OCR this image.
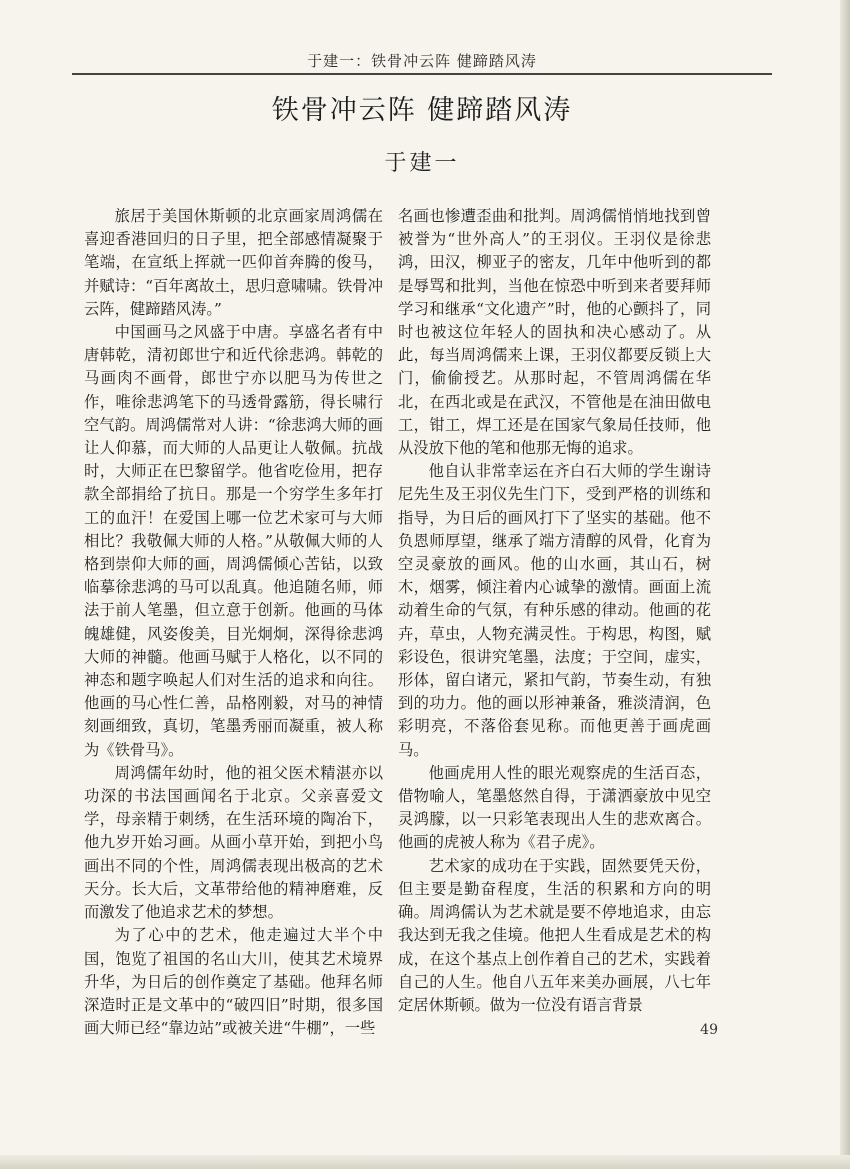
于建一：铁骨冲云阵 健蹄踏风涛
铁骨冲云阵 健蹄踏风涛
于建一

旅居于美国休斯顿的北京画家周鸿儒在喜迎香港回归的日子里，把全部感情凝聚于笔端，在宣纸上挥就一匹仰首奔腾的俊马，并赋诗：“百年离故土，思归意啸啸。铁骨冲云阵，健蹄踏风涛。”

中国画马之风盛于中唐。享盛名者有中唐韩乾，清初郎世宁和近代徐悲鸿。韩乾的马画肉不画骨，郎世宁亦以肥马为传世之作，唯徐悲鸿笔下的马透骨露筋，得长啸行空气韵。周鸿儒常对人讲：“徐悲鸿大师的画让人仰慕，而大师的人品更让人敬佩。抗战时，大师正在巴黎留学。他省吃俭用，把存款全部捐给了抗日。那是一个穷学生多年打工的血汗！在爱国上哪一位艺术家可与大师相比？我敬佩大师的人格。”从敬佩大师的人格到崇仰大师的画，周鸿儒倾心苦钻，以致临摹徐悲鸿的马可以乱真。他追随名师，师法于前人笔墨，但立意于创新。他画的马体魄雄健，风姿俊美，目光炯炯，深得徐悲鸿大师的神髓。他画马赋于人格化，以不同的神态和题字唤起人们对生活的追求和向往。他画的马心性仁善，品格刚毅，对马的神情刻画细致，真切，笔墨秀丽而凝重，被人称为《铁骨马》。

周鸿儒年幼时，他的祖父医术精湛亦以功深的书法国画闻名于北京。父亲喜爱文学，母亲精于刺绣，在生活环境的陶冶下，他九岁开始习画。从画小草开始，到把小鸟画出不同的个性，周鸿儒表现出极高的艺术天分。长大后，文革带给他的精神磨难，反而激发了他追求艺术的梦想。

为了心中的艺术，他走遍过大半个中国，饱览了祖国的名山大川，使其艺术境界升华，为日后的创作奠定了基础。他拜名师深造时正是文革中的“破四旧”时期，很多国画大师已经“靠边站”或被关进“牛棚”，一些

名画也惨遭歪曲和批判。周鸿儒悄悄地找到曾被誉为“世外高人”的王羽仪。王羽仪是徐悲鸿，田汉，柳亚子的密友，几年中他听到的都是辱骂和批判，当他在惊恐中听到来者要拜师学习和继承“文化遗产”时，他的心颤抖了，同时也被这位年轻人的固执和决心感动了。从此，每当周鸿儒来上课，王羽仪都要反锁上大门，偷偷授艺。从那时起，不管周鸿儒在华北，在西北或是在武汉，不管他是在油田做电工，钳工，焊工还是在国家气象局任技师，他从没放下他的笔和他那无悔的追求。

他自认非常幸运在齐白石大师的学生谢诗尼先生及王羽仪先生门下，受到严格的训练和指导，为日后的画风打下了坚实的基础。他不负恩师厚望，继承了端方清醇的风骨，化育为空灵豪放的画风。他的山水画，其山石，树木，烟雾，倾注着内心诚挚的激情。画面上流动着生命的气氛，有种乐感的律动。他画的花卉，草虫，人物充满灵性。于构思，构图，赋彩设色，很讲究笔墨，法度；于空间，虚实，形体，留白诸元，紧扣气韵，节奏生动，有独到的功力。他的画以形神兼备，雅淡清润，色彩明亮，不落俗套见称。而他更善于画虎画马。

他画虎用人性的眼光观察虎的生活百态，借物喻人，笔墨悠然自得，于潇洒豪放中见空灵鸿朦，以一只彩笔表现出人生的悲欢离合。他画的虎被人称为《君子虎》。

艺术家的成功在于实践，固然要凭天份，但主要是勤奋程度，生活的积累和方向的明确。周鸿儒认为艺术就是要不停地追求，由忘我达到无我之佳境。他把人生看成是艺术的构成，在这个基点上创作着自己的艺术，实践着自己的人生。他自八五年来美办画展，八七年定居休斯顿。做为一位没有语言背景

49
